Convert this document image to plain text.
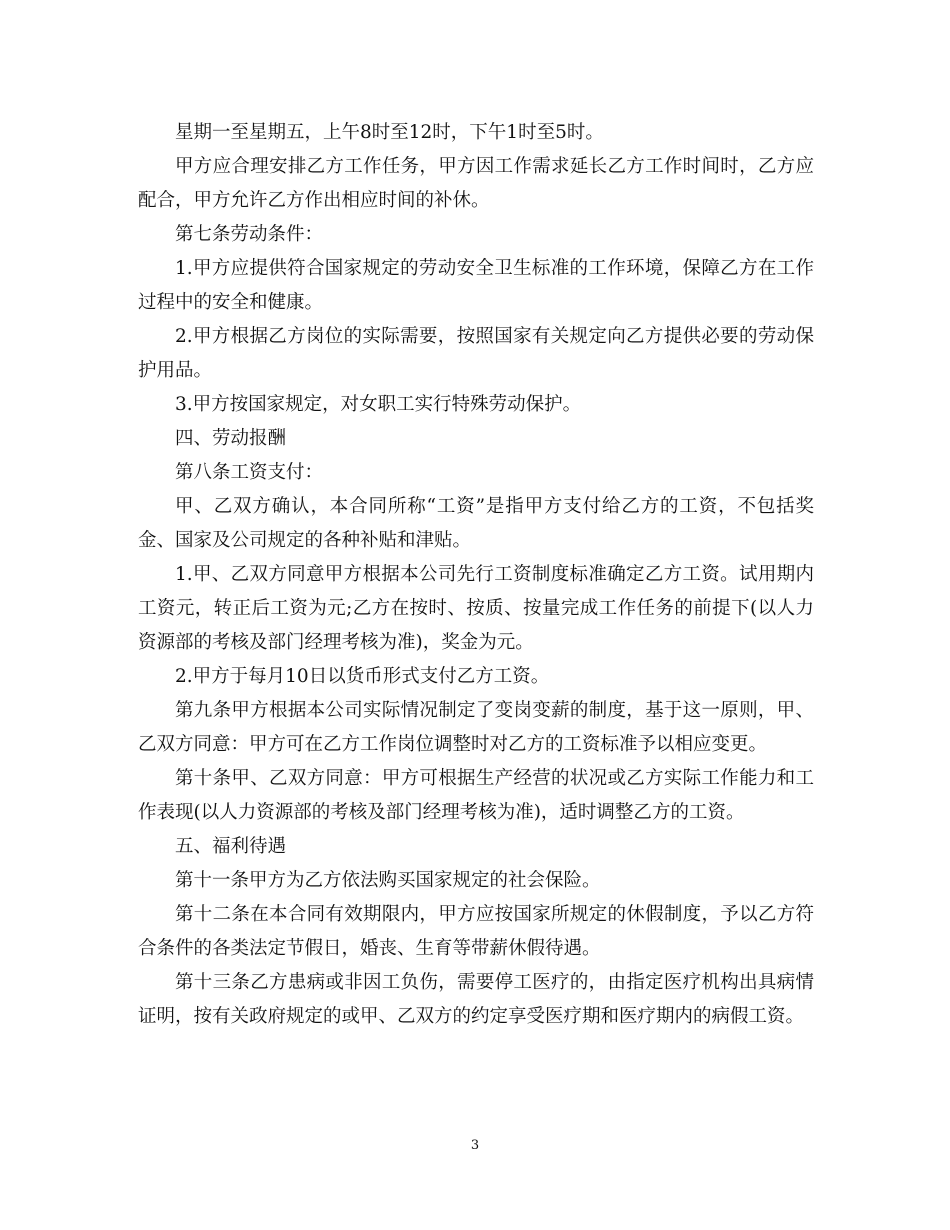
星期一至星期五，上午8时至12时，下午1时至5时。

甲方应合理安排乙方工作任务，甲方因工作需求延长乙方工作时间时，乙方应配合，甲方允许乙方作出相应时间的补休。

第七条劳动条件：

1.甲方应提供符合国家规定的劳动安全卫生标准的工作环境，保障乙方在工作过程中的安全和健康。

2.甲方根据乙方岗位的实际需要，按照国家有关规定向乙方提供必要的劳动保护用品。

3.甲方按国家规定，对女职工实行特殊劳动保护。

四、劳动报酬

第八条工资支付：

甲、乙双方确认，本合同所称“工资”是指甲方支付给乙方的工资，不包括奖金、国家及公司规定的各种补贴和津贴。

1.甲、乙双方同意甲方根据本公司先行工资制度标准确定乙方工资。试用期内工资元，转正后工资为元;乙方在按时、按质、按量完成工作任务的前提下(以人力资源部的考核及部门经理考核为准)，奖金为元。

2.甲方于每月10日以货币形式支付乙方工资。

第九条甲方根据本公司实际情况制定了变岗变薪的制度，基于这一原则，甲、乙双方同意：甲方可在乙方工作岗位调整时对乙方的工资标准予以相应变更。

第十条甲、乙双方同意：甲方可根据生产经营的状况或乙方实际工作能力和工作表现(以人力资源部的考核及部门经理考核为准)，适时调整乙方的工资。

五、福利待遇

第十一条甲方为乙方依法购买国家规定的社会保险。

第十二条在本合同有效期限内，甲方应按国家所规定的休假制度，予以乙方符合条件的各类法定节假日，婚丧、生育等带薪休假待遇。

第十三条乙方患病或非因工负伤，需要停工医疗的，由指定医疗机构出具病情证明，按有关政府规定的或甲、乙双方的约定享受医疗期和医疗期内的病假工资。

3
